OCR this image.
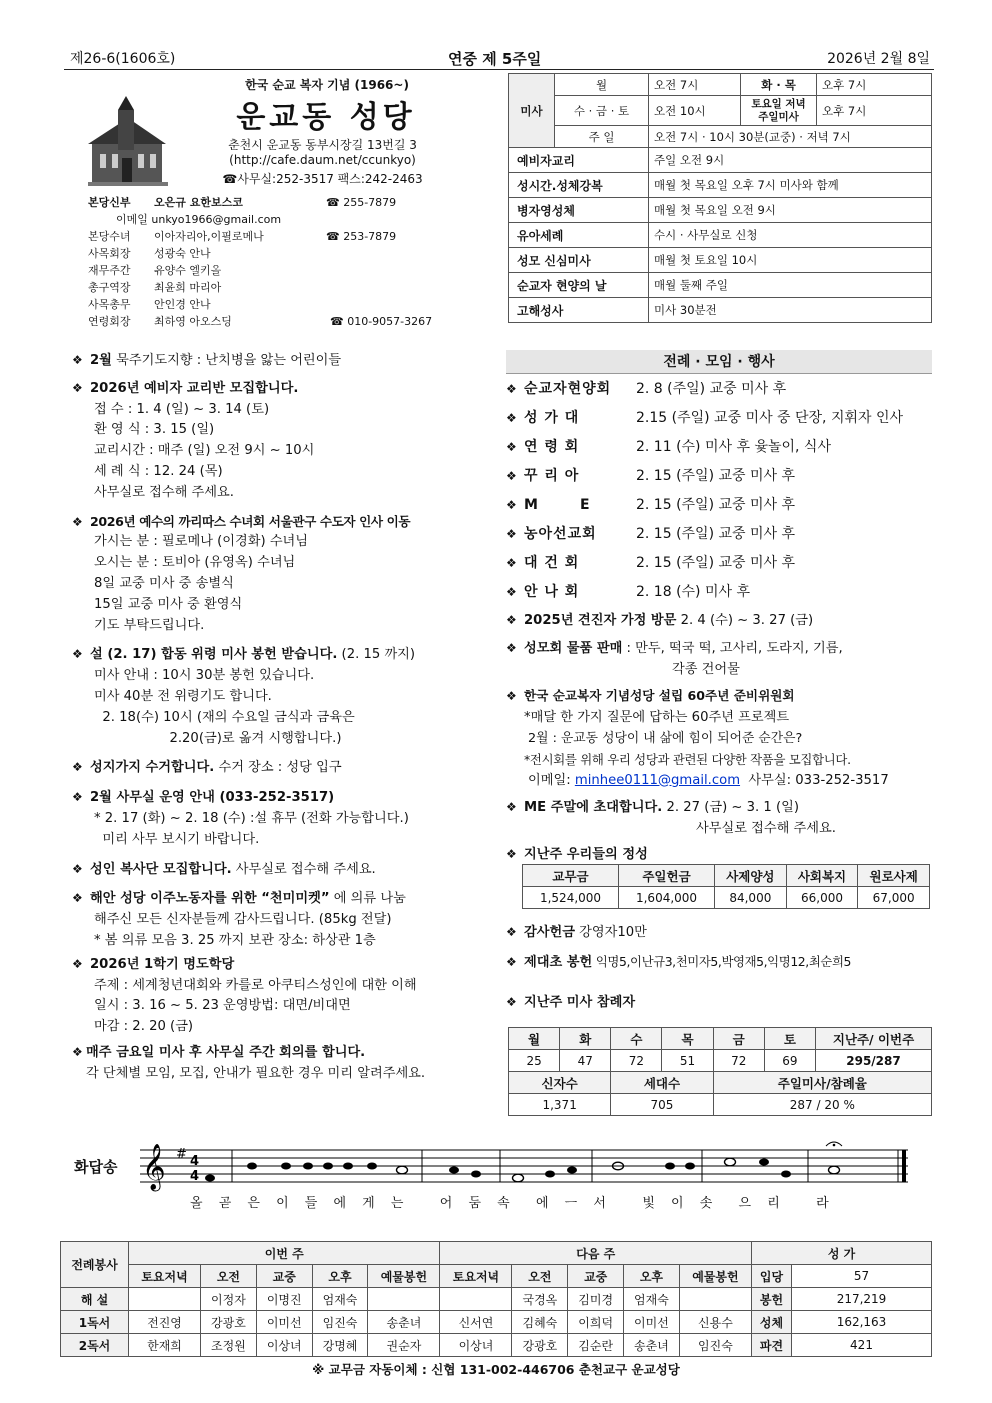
제26-6(1606호)	연중 제 5주일	2026년 2월 8일
한국 순교 복자 기념 (1966~)
운교동 성당
춘천시 운교동 동부시장길 13번길 3
(http://cafe.daum.net/ccunkyo)
☎사무실:252-3517 팩스:242-2463
본당신부 오은규 요한보스코	☎ 255-7879
이메일 unkyo1966@gmail.com
본당수녀 이아자리아,이필로메나	☎ 253-7879
사목회장 성광숙 안나
재무주간 유양수 엘키올
총구역장 최윤희 마리아
사목총무 안인경 안나
연령회장 최하영 아오스딩	☎ 010-9057-3267
미사	월	오전 7시	화 · 목	오후 7시
	수 · 금 · 토	오전 10시	토요일 저녁 주일미사	오후 7시
	주 일	오전 7시 · 10시 30분(교중) · 저녁 7시		
예비자교리		주일 오전 9시		
성시간.성체강복		매월 첫 목요일 오후 7시 미사와 함께		
병자영성체		매월 첫 목요일 오전 9시		
유아세례		수시 · 사무실로 신청		
성모 신심미사		매월 첫 토요일 10시		
순교자 현양의 날		매월 둘째 주일		
고해성사		미사 30분전		
❖ 2월 묵주기도지향 : 난치병을 앓는 어린이들
❖ 2026년 예비자 교리반 모집합니다.
접 수 : 1. 4 (일) ~ 3. 14 (토)
환 영 식 : 3. 15 (일)
교리시간 : 매주 (일) 오전 9시 ~ 10시
세 례 식 : 12. 24 (목)
사무실로 접수해 주세요.
❖ 2026년 예수의 까리따스 수녀회 서울관구 수도자 인사 이동
가시는 분 : 필로메나 (이경화) 수녀님
오시는 분 : 토비아 (유영옥) 수녀님
8일 교중 미사 중 송별식
15일 교중 미사 중 환영식
기도 부탁드립니다.
❖ 설 (2. 17) 합동 위령 미사 봉헌 받습니다. (2. 15 까지)
미사 안내 : 10시 30분 봉헌 있습니다.
미사 40분 전 위령기도 합니다.
2. 18(수) 10시 (재의 수요일 금식과 금육은
2.20(금)로 옮겨 시행합니다.)
❖ 성지가지 수거합니다. 수거 장소 : 성당 입구
❖ 2월 사무실 운영 안내 (033-252-3517)
* 2. 17 (화) ~ 2. 18 (수) :설 휴무 (전화 가능합니다.)
미리 사무 보시기 바랍니다.
❖ 성인 복사단 모집합니다. 사무실로 접수해 주세요.
❖ 해안 성당 이주노동자를 위한 “천미미켓” 에 의류 나눔
해주신 모든 신자분들께 감사드립니다. (85kg 전달)
* 봄 의류 모음 3. 25 까지 보관 장소: 하상관 1층
❖ 2026년 1학기 명도학당
주제 : 세계청년대회와 카를로 아쿠티스성인에 대한 이해
일시 : 3. 16 ~ 5. 23 운영방법: 대면/비대면
마감 : 2. 20 (금)
❖ 매주 금요일 미사 후 사무실 주간 회의를 합니다.
각 단체별 모임, 모집, 안내가 필요한 경우 미리 알려주세요.
전례 · 모임 · 행사
❖ 순교자현양회 2. 8 (주일) 교중 미사 후
❖ 성 가 대	2.15 (주일) 교중 미사 중 단장, 지휘자 인사
❖ 연 령 회	2. 11 (수) 미사 후 윷놀이, 식사
❖ 꾸 리 아	2. 15 (주일) 교중 미사 후
❖ M       E	2. 15 (주일) 교중 미사 후
❖ 농아선교회	2. 15 (주일) 교중 미사 후
❖ 대 건 회	2. 15 (주일) 교중 미사 후
❖ 안 나 회	2. 18 (수) 미사 후
❖ 2025년 견진자 가정 방문 2. 4 (수) ~ 3. 27 (금)
❖ 성모회 물품 판매 : 만두, 떡국 떡, 고사리, 도라지, 기름,
각종 건어물
❖ 한국 순교복자 기념성당 설립 60주년 준비위원회
*매달 한 가지 질문에 답하는 60주년 프로젝트
2월 : 운교동 성당이 내 삶에 힘이 되어준 순간은?
*전시회를 위해 우리 성당과 관련된 다양한 작품을 모집합니다.
이메일: minhee0111@gmail.com  사무실: 033-252-3517
❖ ME 주말에 초대합니다. 2. 27 (금) ~ 3. 1 (일)
사무실로 접수해 주세요.
❖ 지난주 우리들의 정성
교무금	주일헌금	사제양성	사회복지	원로사제
1,524,000	1,604,000	84,000	66,000	67,000
❖ 감사헌금 강영자10만
❖ 제대초 봉헌 익명5,이난규3,천미자5,박영재5,익명12,최순희5
❖ 지난주 미사 참례자
월	화	수	목	금	토	지난주/ 이번주
25	47	72	51	72	69	295/287
신자수		세대수		주일미사/참례율		
1,371		705		287 / 20 %		
화답송 𝄞 # 4
4
올 곧 은 이 들 에 게 는   어 둠 속  에 ㅡ 서   빛 이 솟  으 리   라
전례봉사	이번 주					다음 주					성 가	
	토요저녁	오전	교중	오후	예물봉헌	토요저녁	오전	교중	오후	예물봉헌	입당	57
해 설		이정자	이명진	엄재숙			국경옥	김미경	엄재숙		봉헌	217,219
1독서	전진영	강광호	이미선	임진숙	송춘녀	신서연	김혜숙	이희덕	이미선	신용수	성체	162,163
2독서	한재희	조정원	이상녀	강명혜	권순자	이상녀	강광호	김순란	송춘녀	임진숙	파견	421
※ 교무금 자동이체 : 신협 131-002-446706 춘천교구 운교성당
